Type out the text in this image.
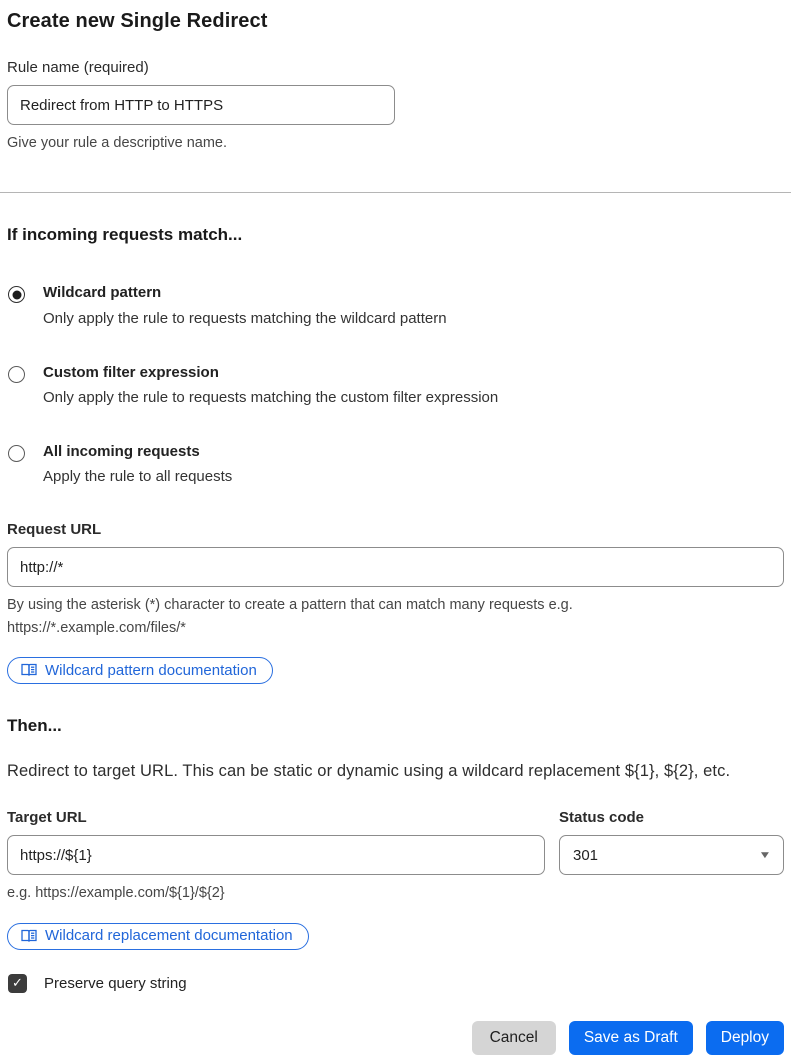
Create new Single Redirect
Rule name (required)
Redirect from HTTP to HTTPS
Give your rule a descriptive name.
If incoming requests match...
Wildcard pattern
Only apply the rule to requests matching the wildcard pattern
Custom filter expression
Only apply the rule to requests matching the custom filter expression
All incoming requests
Apply the rule to all requests
Request URL
http://*
By using the asterisk (*) character to create a pattern that can match many requests e.g.
https://*.example.com/files/*
Wildcard pattern documentation
Then...
Redirect to target URL. This can be static or dynamic using a wildcard replacement ${1}, ${2}, etc.
Target URL
https://${1}
e.g. https://example.com/${1}/${2}
Status code
301	▼
Wildcard replacement documentation
✓ Preserve query string
Cancel	Save as Draft	Deploy
